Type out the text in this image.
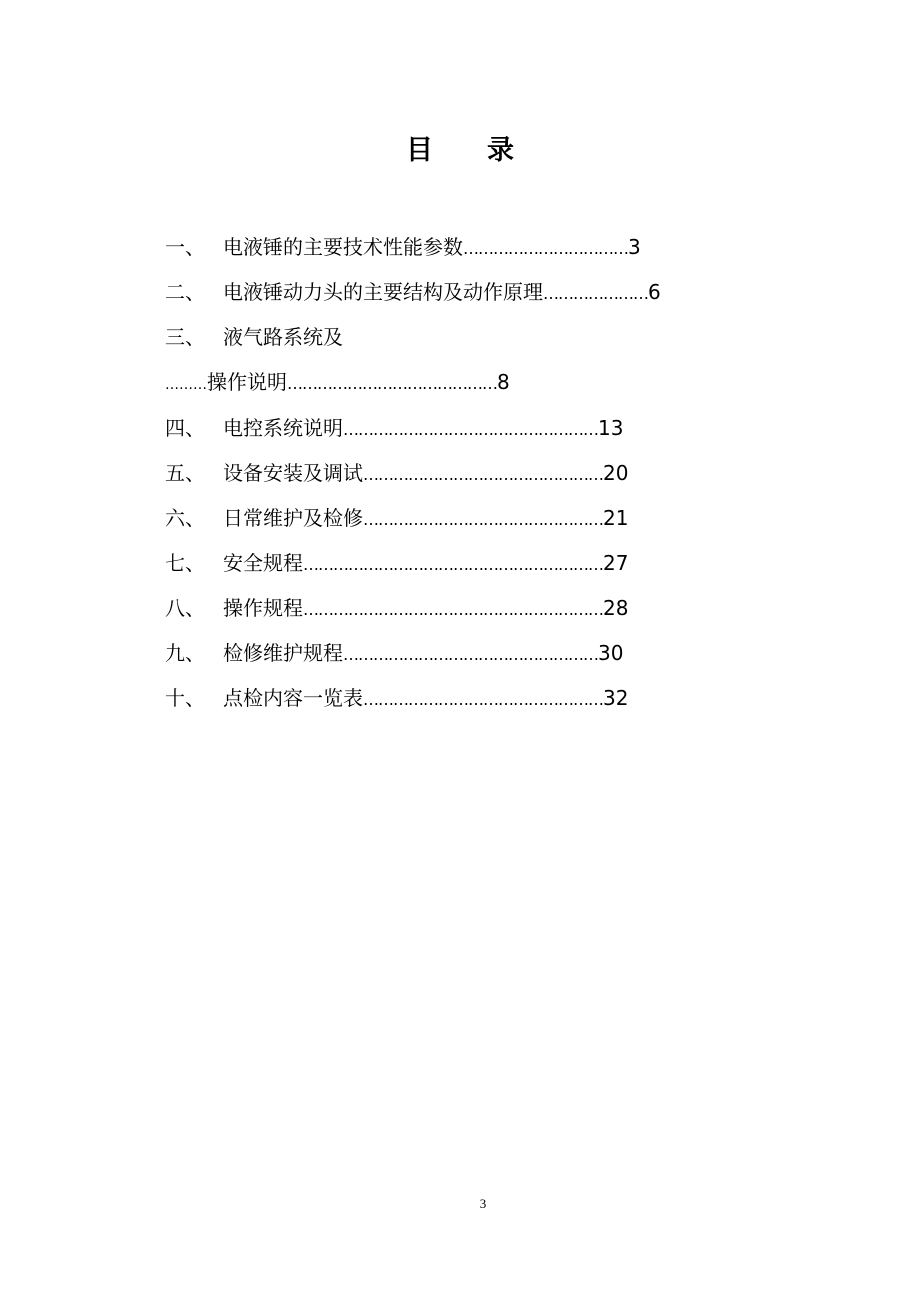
目 录
一、 电液锤的主要技术性能参数……………………………3
二、 电液锤动力头的主要结构及动作原理…………………6
三、 液气路系统及
………操作说明……………………………………8
四、 电控系统说明……………………………………………13
五、 设备安装及调试…………………………………………20
六、 日常维护及检修…………………………………………21
七、 安全规程……………………………………………………27
八、 操作规程……………………………………………………28
九、 检修维护规程……………………………………………30
十、 点检内容一览表…………………………………………32
3
